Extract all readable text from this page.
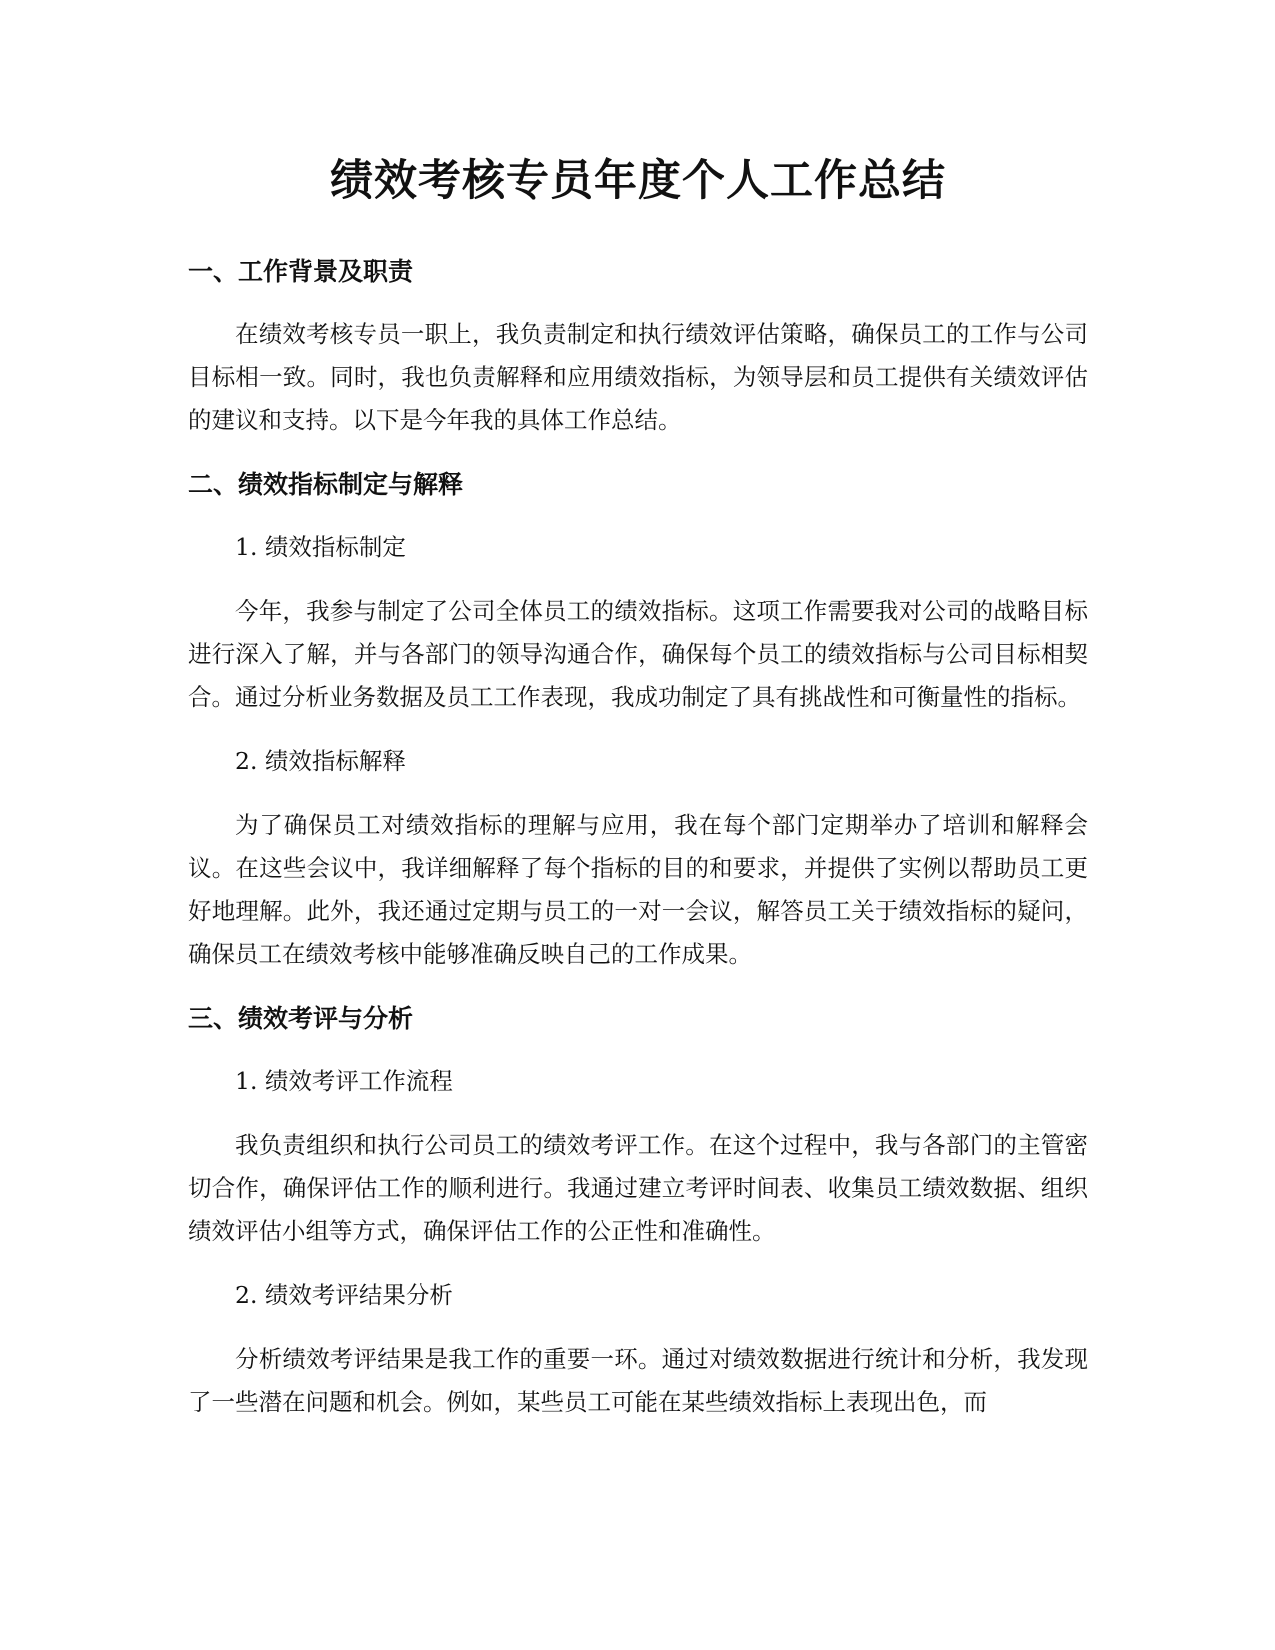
绩效考核专员年度个人工作总结
一、工作背景及职责

在绩效考核专员一职上，我负责制定和执行绩效评估策略，确保员工的工作与公司目标相一致。同时，我也负责解释和应用绩效指标，为领导层和员工提供有关绩效评估的建议和支持。以下是今年我的具体工作总结。

二、绩效指标制定与解释

1. 绩效指标制定

今年，我参与制定了公司全体员工的绩效指标。这项工作需要我对公司的战略目标进行深入了解，并与各部门的领导沟通合作，确保每个员工的绩效指标与公司目标相契合。通过分析业务数据及员工工作表现，我成功制定了具有挑战性和可衡量性的指标。

2. 绩效指标解释

为了确保员工对绩效指标的理解与应用，我在每个部门定期举办了培训和解释会议。在这些会议中，我详细解释了每个指标的目的和要求，并提供了实例以帮助员工更好地理解。此外，我还通过定期与员工的一对一会议，解答员工关于绩效指标的疑问，确保员工在绩效考核中能够准确反映自己的工作成果。

三、绩效考评与分析

1. 绩效考评工作流程

我负责组织和执行公司员工的绩效考评工作。在这个过程中，我与各部门的主管密切合作，确保评估工作的顺利进行。我通过建立考评时间表、收集员工绩效数据、组织绩效评估小组等方式，确保评估工作的公正性和准确性。

2. 绩效考评结果分析

分析绩效考评结果是我工作的重要一环。通过对绩效数据进行统计和分析，我发现了一些潜在问题和机会。例如，某些员工可能在某些绩效指标上表现出色，而
